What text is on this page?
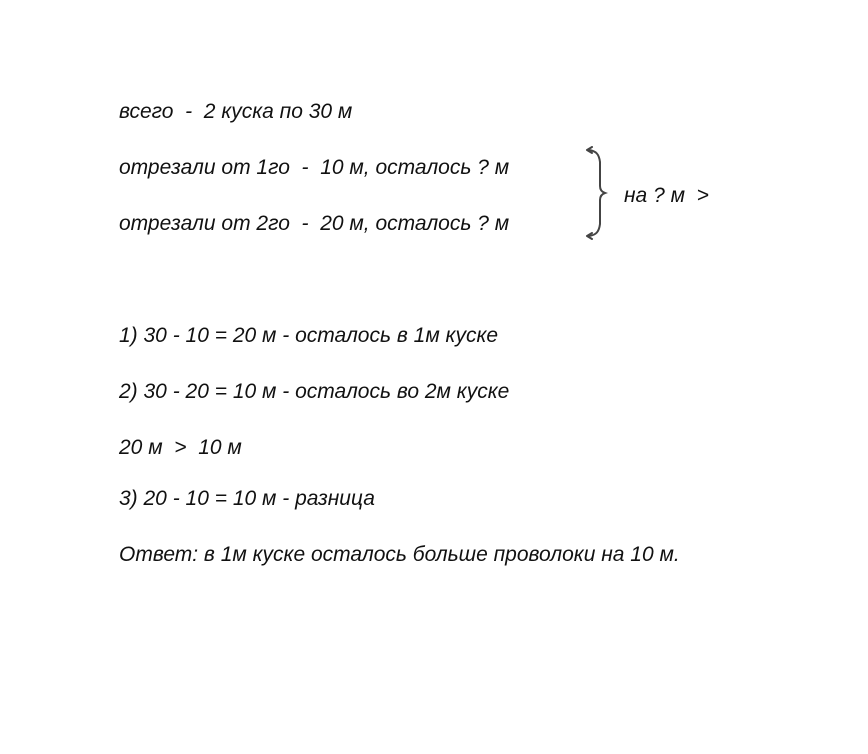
всего  -  2 куска по 30 м
отрезали от 1го  -  10 м, осталось ? м
отрезали от 2го  -  20 м, осталось ? м
на ? м  >
1) 30 - 10 = 20 м - осталось в 1м куске
2) 30 - 20 = 10 м - осталось во 2м куске
20 м  >  10 м
3) 20 - 10 = 10 м - разница
Ответ: в 1м куске осталось больше проволоки на 10 м.
